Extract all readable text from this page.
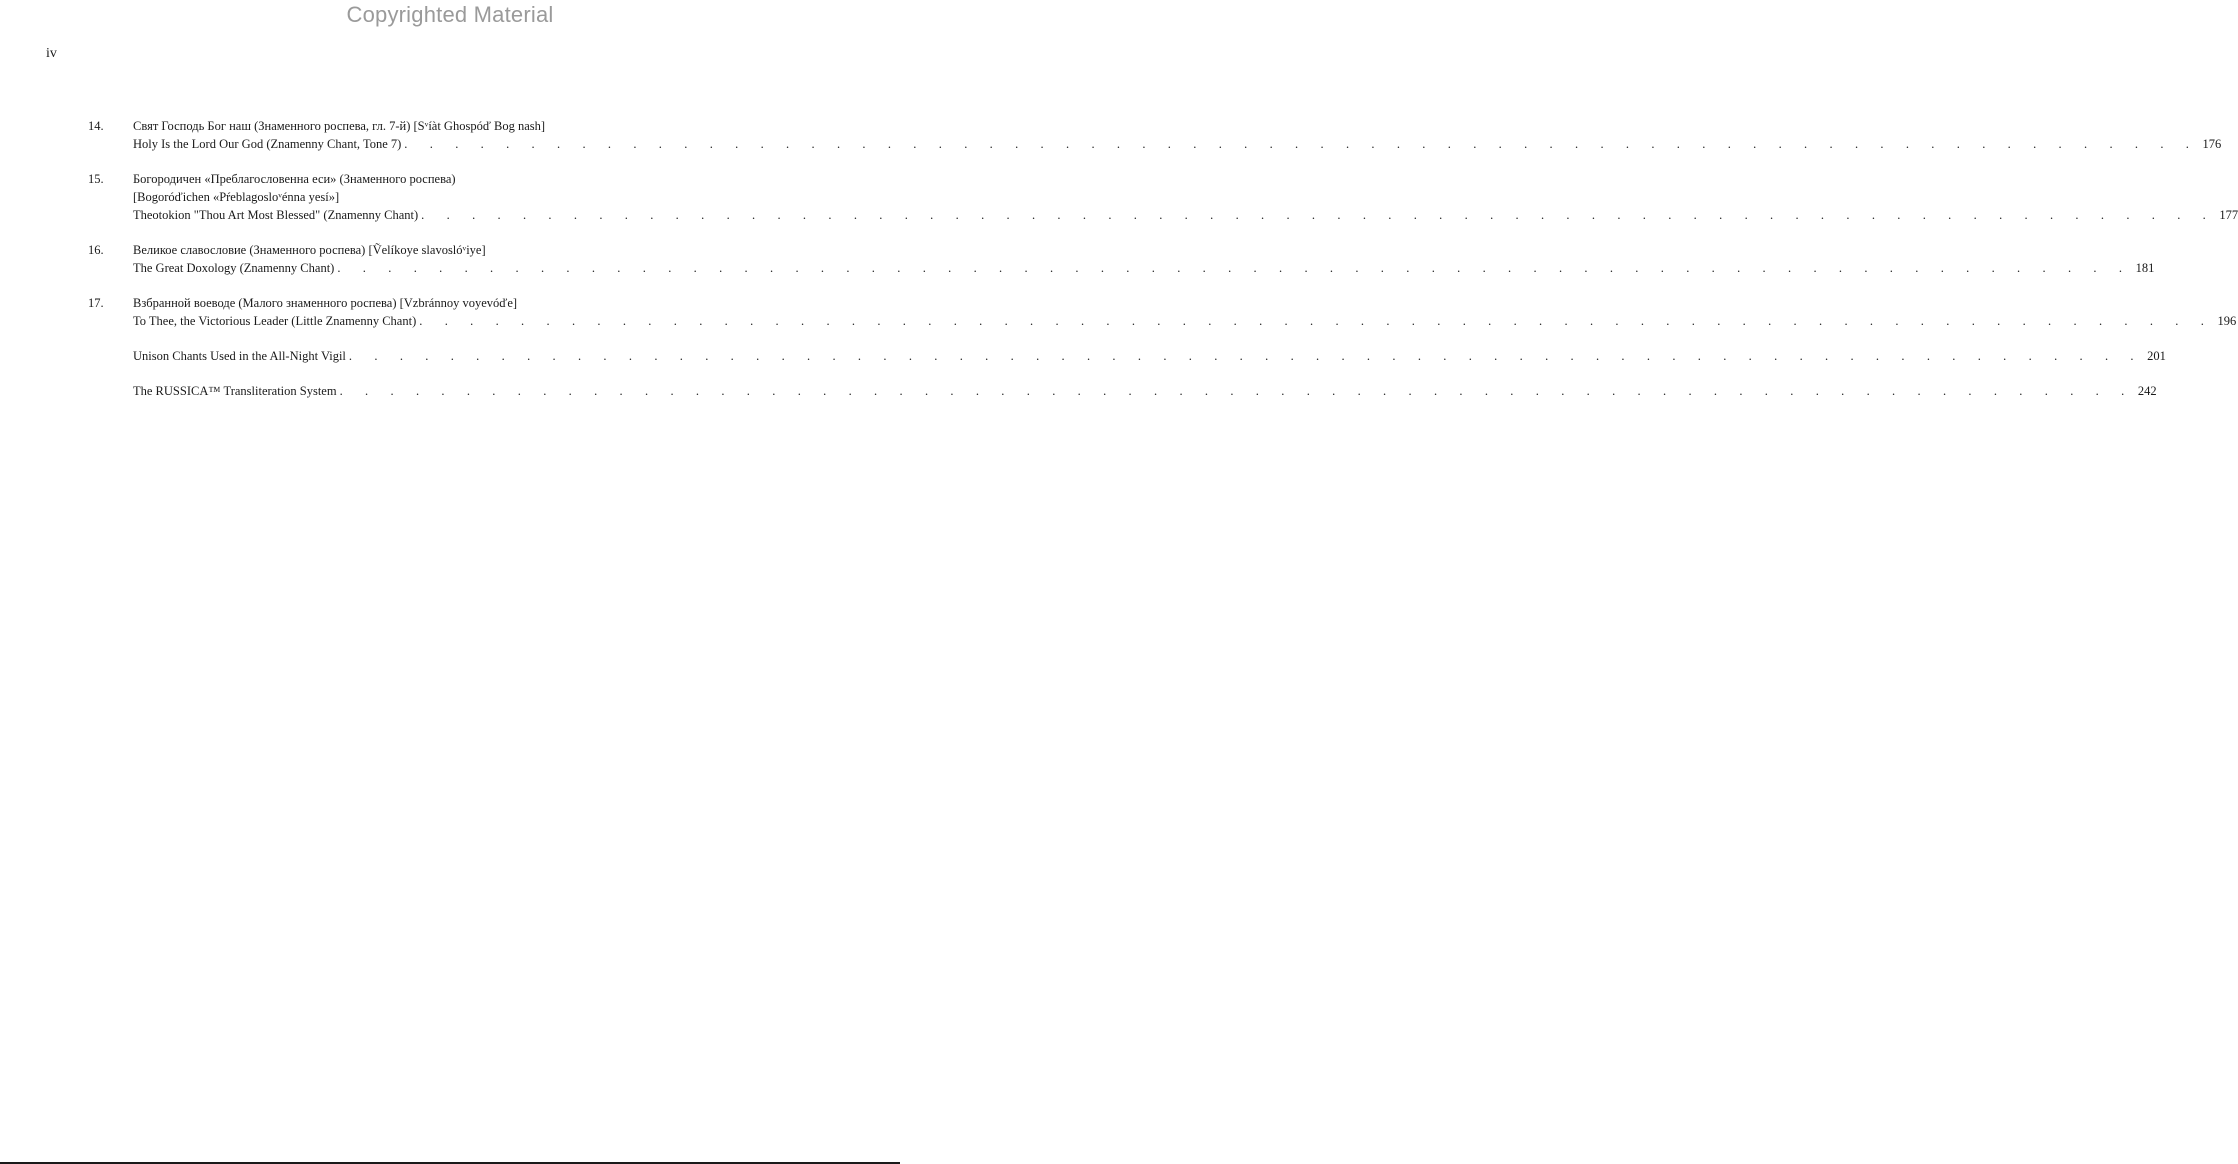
Copyrighted Material
iv
14.	Свят Господь Бог наш (Знаменного роспева, гл. 7-й) [Sᵛíàt Ghospóď Bog nash]
Holy Is the Lord Our God (Znamenny Chant, Tone 7) . . . . . . . . . . . . . . . . . . . . . . . . . . . . . . . . . . . . . . . . . . . . . . . . . . . . . . . . . . . . . . . . . . . . . . . 176
15.	Богородичен «Преблагословенна еси» (Знаменного роспева)
[Bogoróďichen «Pŕeblagosloᵛénna yesí»]
Theotokion "Thou Art Most Blessed" (Znamenny Chant) . . . . . . . . . . . . . . . . . . . . . . . . . . . . . . . . . . . . . . . . . . . . . . . . . . . . . . . . . . . . . . . . . . . . . . . 177
16.	Великое славословие (Знаменного роспева) [Ṽelíkoye slavoslóᵛiye]
The Great Doxology (Znamenny Chant) . . . . . . . . . . . . . . . . . . . . . . . . . . . . . . . . . . . . . . . . . . . . . . . . . . . . . . . . . . . . . . . . . . . . . . . 181
17.	Взбранной воеводе (Малого знаменного роспева) [Vzbránnoy voyevóďe]
To Thee, the Victorious Leader (Little Znamenny Chant) . . . . . . . . . . . . . . . . . . . . . . . . . . . . . . . . . . . . . . . . . . . . . . . . . . . . . . . . . . . . . . . . . . . . . . . 196
Unison Chants Used in the All-Night Vigil . . . . . . . . . . . . . . . . . . . . . . . . . . . . . . . . . . . . . . . . . . . . . . . . . . . . . . . . . . . . . . . . . . . . . . . 201
The RUSSICA™ Transliteration System . . . . . . . . . . . . . . . . . . . . . . . . . . . . . . . . . . . . . . . . . . . . . . . . . . . . . . . . . . . . . . . . . . . . . . . 242
